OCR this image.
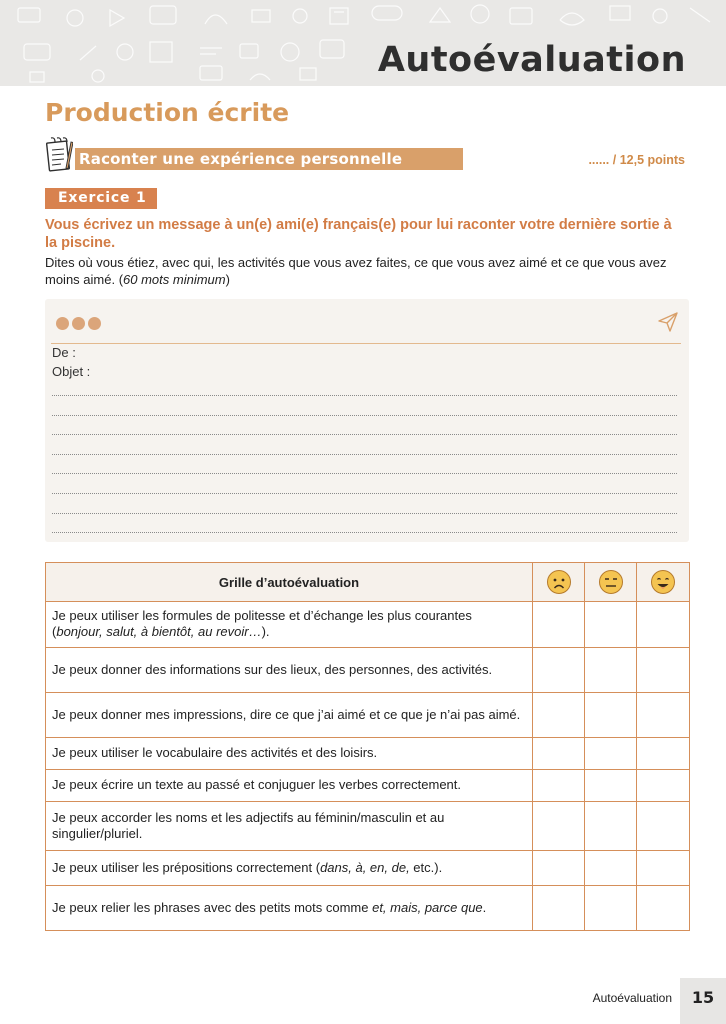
Autoévaluation
Production écrite
Raconter une expérience personnelle	...... / 12,5 points
Exercice 1
Vous écrivez un message à un(e) ami(e) français(e) pour lui raconter votre dernière sortie à la piscine.
Dites où vous étiez, avec qui, les activités que vous avez faites, ce que vous avez aimé et ce que vous avez moins aimé. (60 mots minimum)
De :
Objet :
Grille d’autoévaluation			
Je peux utiliser les formules de politesse et d’échange les plus courantes (bonjour, salut, à bientôt, au revoir…).			
Je peux donner des informations sur des lieux, des personnes, des activités.			
Je peux donner mes impressions, dire ce que j’ai aimé et ce que je n’ai pas aimé.			
Je peux utiliser le vocabulaire des activités et des loisirs.			
Je peux écrire un texte au passé et conjuguer les verbes correctement.			
Je peux accorder les noms et les adjectifs au féminin/masculin et au singulier/pluriel.			
Je peux utiliser les prépositions correctement (dans, à, en, de, etc.).			
Je peux relier les phrases avec des petits mots comme et, mais, parce que.			
Autoévaluation	15
